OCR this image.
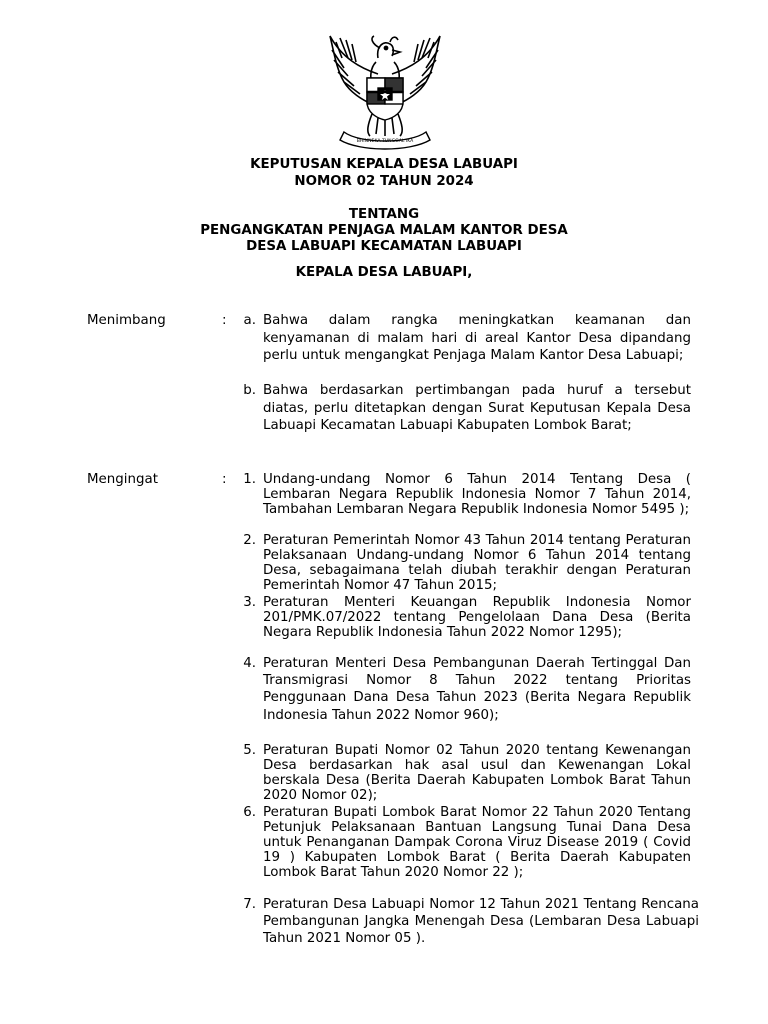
BHINNEKA TUNGGAL IKA
KEPUTUSAN KEPALA DESA LABUAPI
NOMOR 02 TAHUN 2024
TENTANG
PENGANGKATAN PENJAGA MALAM KANTOR DESA
DESA LABUAPI KECAMATAN LABUAPI
KEPALA DESA LABUAPI,
Menimbang	:	a. Bahwa dalam rangka meningkatkan keamanan dan kenyamanan di malam hari di areal Kantor Desa dipandang perlu untuk mengangkat Penjaga Malam Kantor Desa Labuapi;
b. Bahwa berdasarkan pertimbangan pada huruf a tersebut diatas, perlu ditetapkan dengan Surat Keputusan Kepala Desa Labuapi Kecamatan Labuapi Kabupaten Lombok Barat;
Mengingat	:	1. Undang-undang Nomor 6 Tahun 2014 Tentang Desa ( Lembaran Negara Republik Indonesia Nomor 7 Tahun 2014, Tambahan Lembaran Negara Republik Indonesia Nomor 5495 );
2. Peraturan Pemerintah Nomor 43 Tahun 2014 tentang Peraturan Pelaksanaan Undang-undang Nomor 6 Tahun 2014 tentang Desa, sebagaimana telah diubah terakhir dengan Peraturan Pemerintah Nomor 47 Tahun 2015;
3. Peraturan Menteri Keuangan Republik Indonesia Nomor 201/PMK.07/2022 tentang Pengelolaan Dana Desa (Berita Negara Republik Indonesia Tahun 2022 Nomor 1295);
4. Peraturan Menteri Desa Pembangunan Daerah Tertinggal Dan Transmigrasi Nomor 8 Tahun 2022 tentang Prioritas Penggunaan Dana Desa Tahun 2023 (Berita Negara Republik Indonesia Tahun 2022 Nomor 960);
5. Peraturan Bupati Nomor 02 Tahun 2020 tentang Kewenangan Desa berdasarkan hak asal usul dan Kewenangan Lokal berskala Desa (Berita Daerah Kabupaten Lombok Barat Tahun 2020 Nomor 02);
6. Peraturan Bupati Lombok Barat Nomor 22 Tahun 2020 Tentang Petunjuk Pelaksanaan Bantuan Langsung Tunai Dana Desa untuk Penanganan Dampak Corona Viruz Disease 2019 ( Covid 19 ) Kabupaten Lombok Barat ( Berita Daerah Kabupaten Lombok Barat Tahun 2020 Nomor 22 );
7. Peraturan Desa Labuapi Nomor 12 Tahun 2021 Tentang Rencana Pembangunan Jangka Menengah Desa (Lembaran Desa Labuapi Tahun 2021 Nomor 05 ).
